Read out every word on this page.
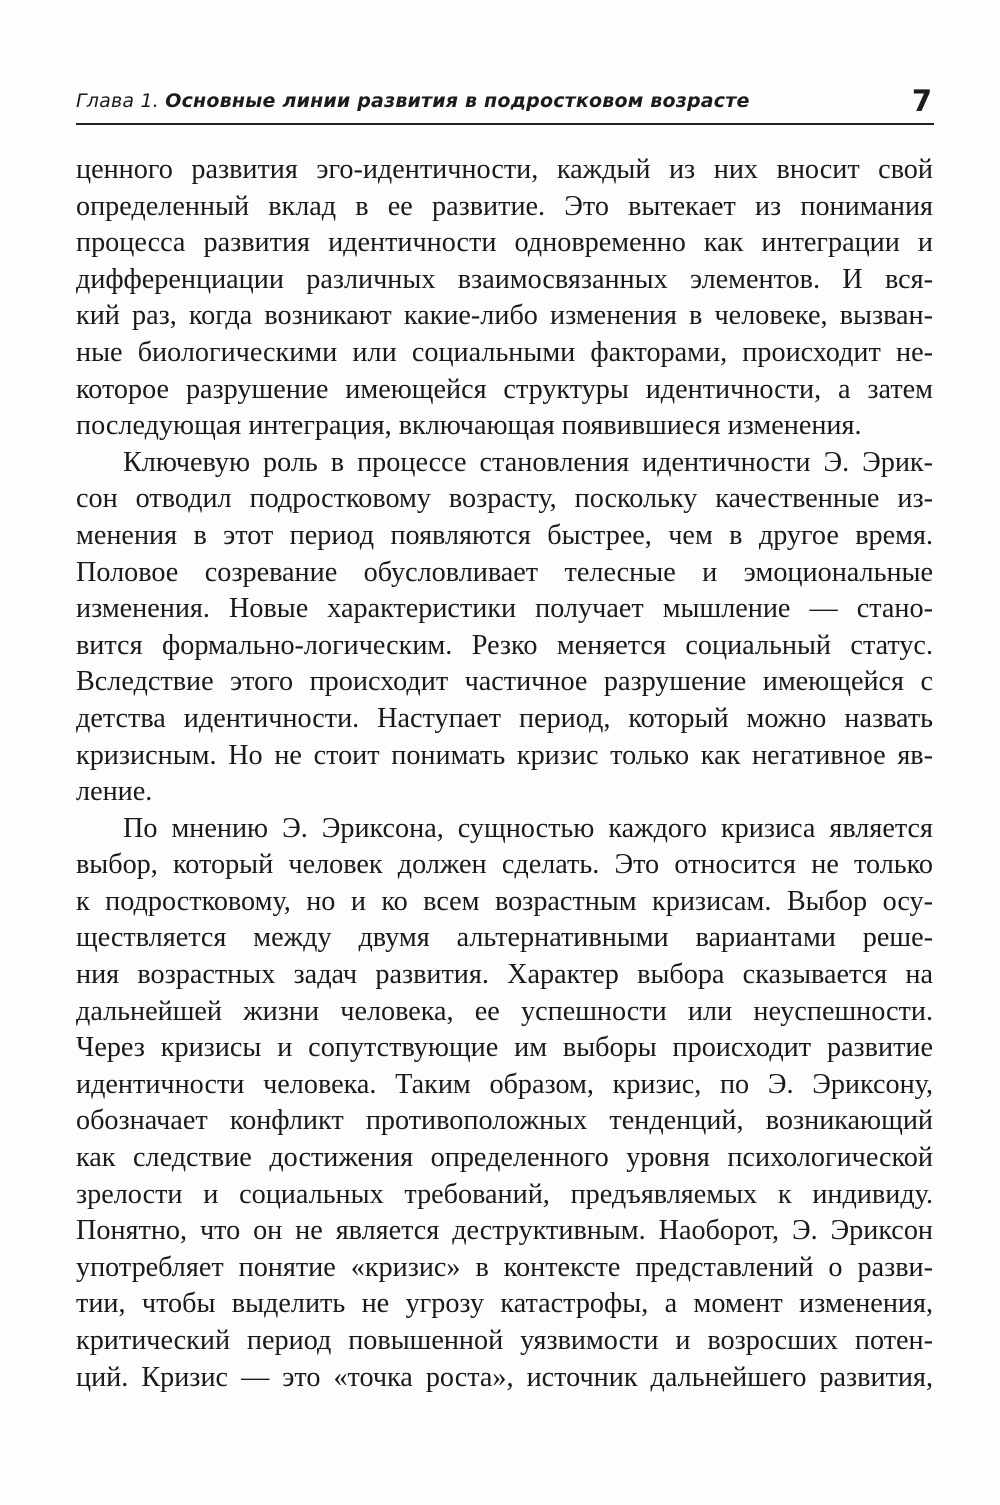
Глава 1. Основные линии развития в подростковом возрасте	7

ценного развития эго-идентичности, каждый из них вносит свой
определенный вклад в ее развитие. Это вытекает из понимания
процесса развития идентичности одновременно как интеграции и
дифференциации различных взаимосвязанных элементов. И вся-
кий раз, когда возникают какие-либо изменения в человеке, вызван-
ные биологическими или социальными факторами, происходит не-
которое разрушение имеющейся структуры идентичности, а затем
последующая интеграция, включающая появившиеся изменения.

Ключевую роль в процессе становления идентичности Э. Эрик-
сон отводил подростковому возрасту, поскольку качественные из-
менения в этот период появляются быстрее, чем в другое время.
Половое созревание обусловливает телесные и эмоциональные
изменения. Новые характеристики получает мышление — стано-
вится формально-логическим. Резко меняется социальный статус.
Вследствие этого происходит частичное разрушение имеющейся с
детства идентичности. Наступает период, который можно назвать
кризисным. Но не стоит понимать кризис только как негативное яв-
ление.

По мнению Э. Эриксона, сущностью каждого кризиса является
выбор, который человек должен сделать. Это относится не только
к подростковому, но и ко всем возрастным кризисам. Выбор осу-
ществляется между двумя альтернативными вариантами реше-
ния возрастных задач развития. Характер выбора сказывается на
дальнейшей жизни человека, ее успешности или неуспешности.
Через кризисы и сопутствующие им выборы происходит развитие
идентичности человека. Таким образом, кризис, по Э. Эриксону,
обозначает конфликт противоположных тенденций, возникающий
как следствие достижения определенного уровня психологической
зрелости и социальных требований, предъявляемых к индивиду.
Понятно, что он не является деструктивным. Наоборот, Э. Эриксон
употребляет понятие «кризис» в контексте представлений о разви-
тии, чтобы выделить не угрозу катастрофы, а момент изменения,
критический период повышенной уязвимости и возросших потен-
ций. Кризис — это «точка роста», источник дальнейшего развития,
